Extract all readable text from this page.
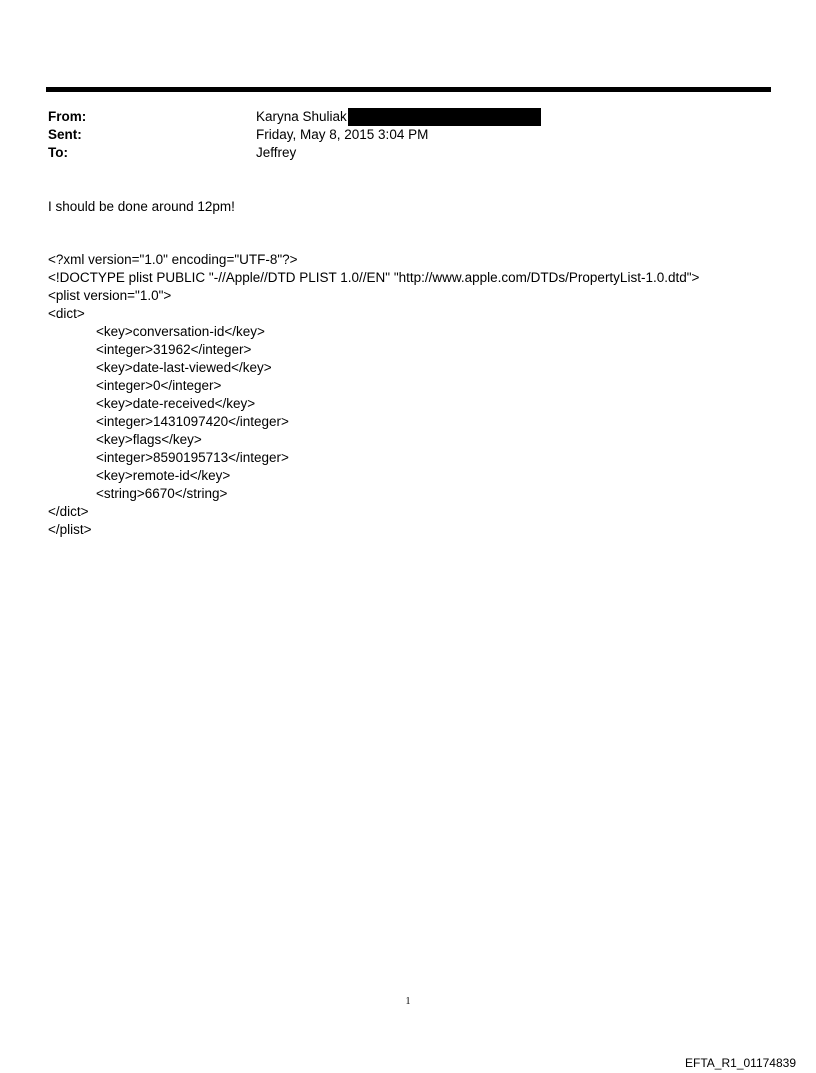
From:	Karyna Shuliak
Sent:	Friday, May 8, 2015 3:04 PM
To:	Jeffrey
I should be done around 12pm!
<?xml version="1.0" encoding="UTF-8"?>
<!DOCTYPE plist PUBLIC "-//Apple//DTD PLIST 1.0//EN" "http://www.apple.com/DTDs/PropertyList-1.0.dtd">
<plist version="1.0">
<dict>
<key>conversation-id</key>
<integer>31962</integer>
<key>date-last-viewed</key>
<integer>0</integer>
<key>date-received</key>
<integer>1431097420</integer>
<key>flags</key>
<integer>8590195713</integer>
<key>remote-id</key>
<string>6670</string>
</dict>
</plist>
1
EFTA_R1_01174839
